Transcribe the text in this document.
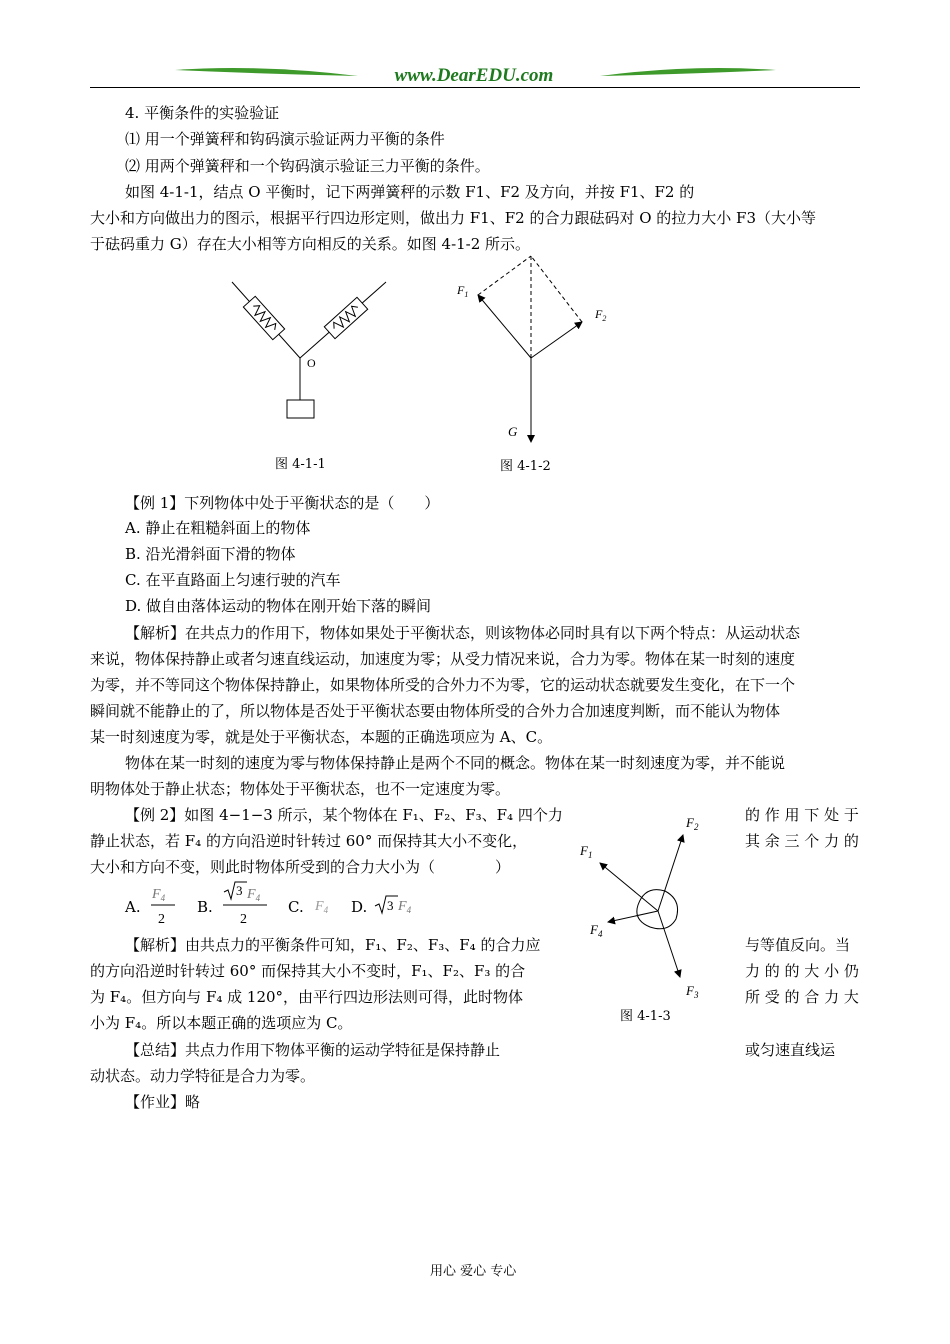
www.DearEDU.com
4. 平衡条件的实验验证
⑴ 用一个弹簧秤和钩码演示验证两力平衡的条件
⑵ 用两个弹簧秤和一个钩码演示验证三力平衡的条件。
如图 4-1-1，结点 O 平衡时，记下两弹簧秤的示数 F1、F2 及方向，并按 F1、F2 的
大小和方向做出力的图示，根据平行四边形定则，做出力 F1、F2 的合力跟砝码对 O 的拉力大小 F3（大小等
于砝码重力 G）存在大小相等方向相反的关系。如图 4-1-2 所示。
O
图 4-1-1
$F_1$
$F_2$
G
图 4-1-2
【例 1】下列物体中处于平衡状态的是（　　）
A. 静止在粗糙斜面上的物体
B. 沿光滑斜面下滑的物体
C. 在平直路面上匀速行驶的汽车
D. 做自由落体运动的物体在刚开始下落的瞬间
【解析】在共点力的作用下，物体如果处于平衡状态，则该物体必同时具有以下两个特点：从运动状态
来说，物体保持静止或者匀速直线运动，加速度为零；从受力情况来说，合力为零。物体在某一时刻的速度
为零，并不等同这个物体保持静止，如果物体所受的合外力不为零，它的运动状态就要发生变化，在下一个
瞬间就不能静止的了，所以物体是否处于平衡状态要由物体所受的合外力合加速度判断，而不能认为物体
某一时刻速度为零，就是处于平衡状态，本题的正确选项应为 A、C。
物体在某一时刻的速度为零与物体保持静止是两个不同的概念。物体在某一时刻速度为零，并不能说
明物体处于静止状态；物体处于平衡状态，也不一定速度为零。
【例 2】如图 4−1−3 所示，某个物体在 F₁、F₂、F₃、F₄ 四个力	的 作 用 下 处 于
静止状态，若 F₄ 的方向沿逆时针转过 60° 而保持其大小不变化，	其 余 三 个 力 的
大小和方向不变，则此时物体所受到的合力大小为（　　　　）
A.
$F_4$
2
B.
3 $F_4$
2
C. $F_4$ D. 3 $F_4$
【解析】由共点力的平衡条件可知，F₁、F₂、F₃、F₄ 的合力应	与等值反向。当
的方向沿逆时针转过 60° 而保持其大小不变时，F₁、F₂、F₃ 的合	力 的 的 大 小 仍
为 F₄。但方向与 F₄ 成 120°，由平行四边形法则可得，此时物体	所 受 的 合 力 大
小为 F₄。所以本题正确的选项应为 C。
【总结】共点力作用下物体平衡的运动学特征是保持静止	或匀速直线运
动状态。动力学特征是合力为零。
【作业】略
$F_1$
$F_2$
$F_3$
$F_4$
图 4-1-3
用心 爱心 专心
